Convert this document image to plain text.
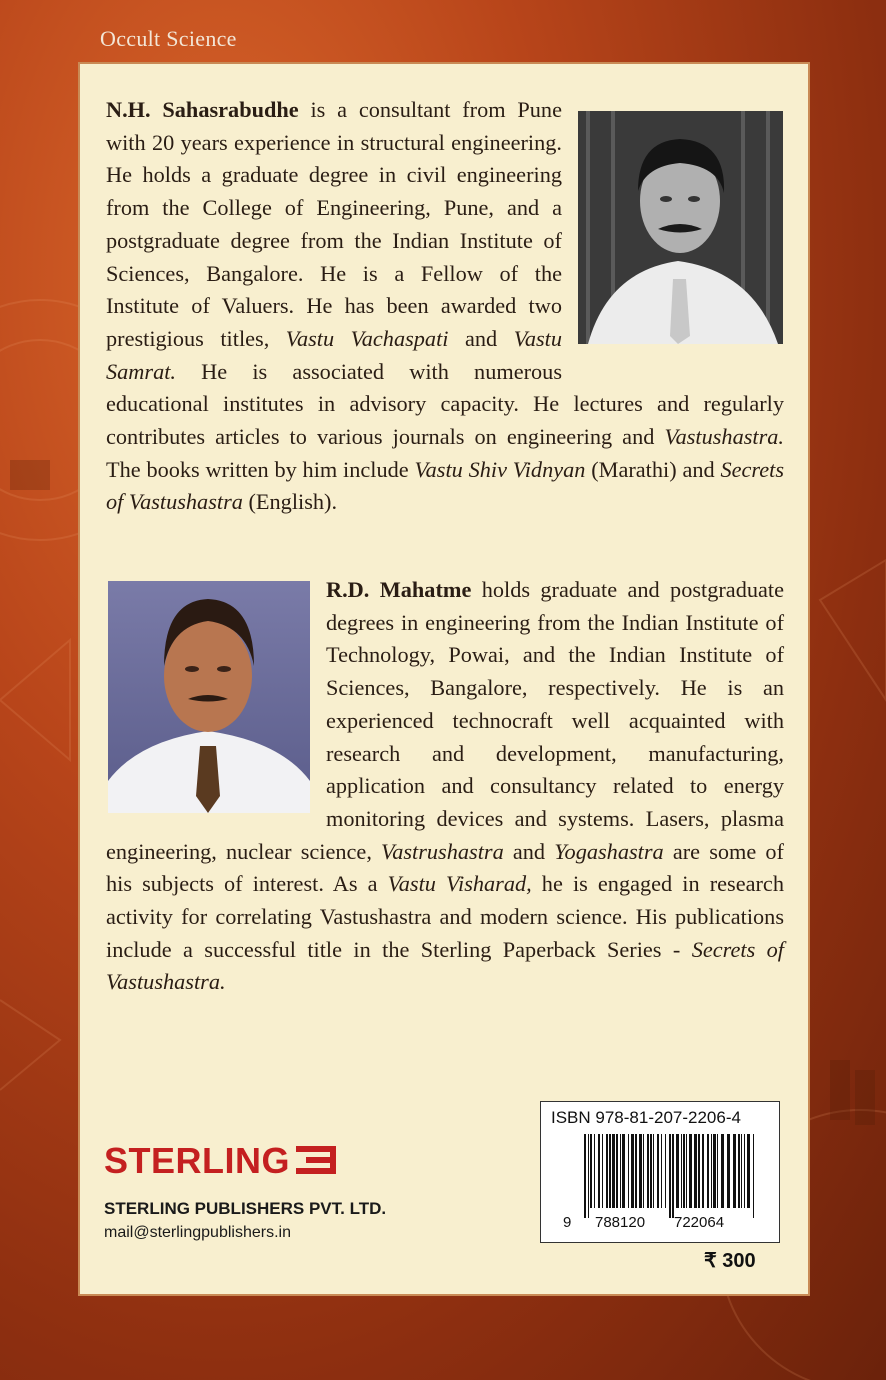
Occult Science
N.H. Sahasrabudhe is a consultant from Pune with 20 years experience in structural engineering. He holds a graduate degree in civil engineering from the College of Engineering, Pune, and a postgraduate degree from the Indian Institute of Sciences, Bangalore. He is a Fellow of the Institute of Valuers. He has been awarded two prestigious titles, Vastu Vachaspati and Vastu Samrat. He is associated with numerous educational institutes in advisory capacity. He lectures and regularly contributes articles to various journals on engineering and Vastushastra. The books written by him include Vastu Shiv Vidnyan (Marathi) and Secrets of Vastushastra (English).
R.D. Mahatme holds graduate and postgraduate degrees in engineering from the Indian Institute of Technology, Powai, and the Indian Institute of Sciences, Bangalore, respectively. He is an experienced technocraft well acquainted with research and development, manufacturing, application and consultancy related to energy monitoring devices and systems. Lasers, plasma engineering, nuclear science, Vastrushastra and Yogashastra are some of his subjects of interest. As a Vastu Visharad, he is engaged in research activity for correlating Vastushastra and modern science. His publications include a successful title in the Sterling Paperback Series - Secrets of Vastushastra.
STERLING
STERLING PUBLISHERS PVT. LTD.
mail@sterlingpublishers.in
ISBN 978-81-207-2206-4
9 788120 722064
₹ 300
